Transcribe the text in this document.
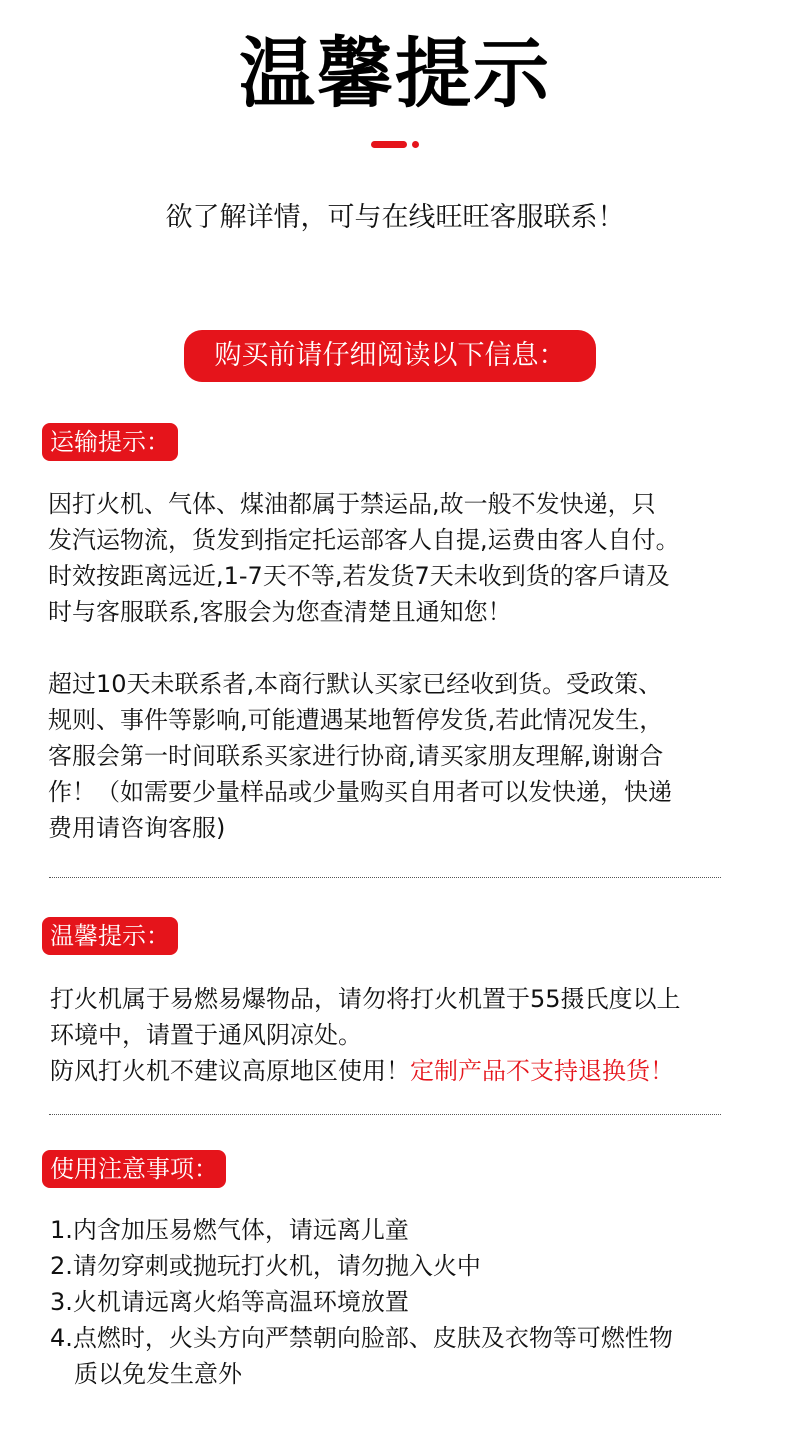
温馨提示
欲了解详情，可与在线旺旺客服联系！
购买前请仔细阅读以下信息：
运输提示：

因打火机、气体、煤油都属于禁运品,故一般不发快递，只
发汽运物流，货发到指定托运部客人自提,运费由客人自付。
时效按距离远近,1-7天不等,若发货7天未收到货的客戶请及
时与客服联系,客服会为您查清楚且通知您！

超过10天未联系者,本商行默认买家已经收到货。受政策、
规则、事件等影响,可能遭遇某地暂停发货,若此情况发生，
客服会第一时间联系买家进行协商,请买家朋友理解,谢谢合
作！（如需要少量样品或少量购买自用者可以发快递，快递
费用请咨询客服)

温馨提示：

打火机属于易燃易爆物品，请勿将打火机置于55摄氏度以上
环境中，请置于通风阴凉处。
防风打火机不建议高原地区使用！定制产品不支持退换货！

使用注意事项：
1.内含加压易燃气体，请远离儿童
2.请勿穿刺或抛玩打火机，请勿抛入火中
3.火机请远离火焰等高温环境放置
4.点燃时，火头方向严禁朝向脸部、皮肤及衣物等可燃性物
质以免发生意外
